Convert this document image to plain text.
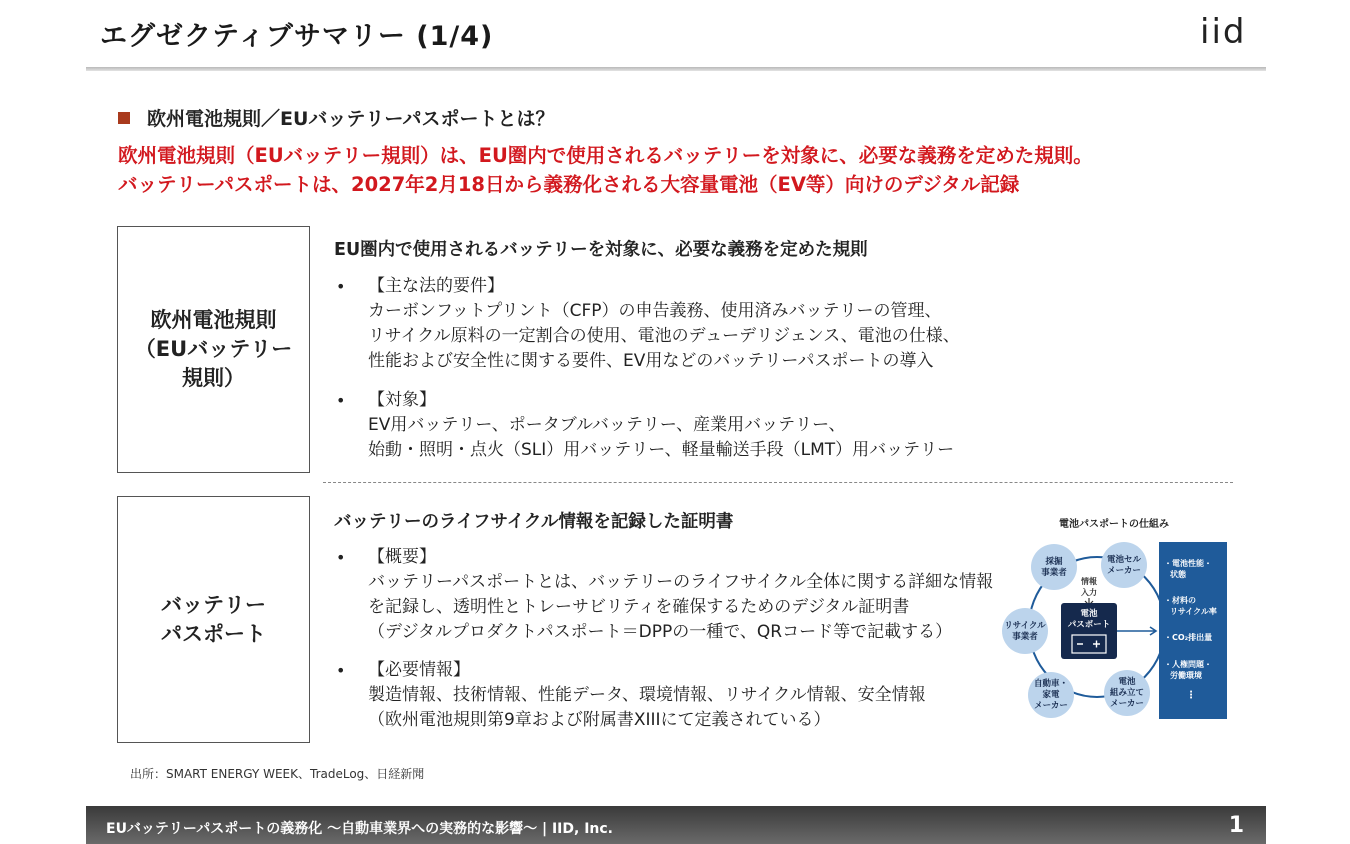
エグゼクティブサマリー (1/4)	iid
欧州電池規則／EUバッテリーパスポートとは？
欧州電池規則（EUバッテリー規則）は、EU圏内で使用されるバッテリーを対象に、必要な義務を定めた規則。
バッテリーパスポートは、2027年2月18日から義務化される大容量電池（EV等）向けのデジタル記録
欧州電池規則
（EUバッテリー
規則）
EU圏内で使用されるバッテリーを対象に、必要な義務を定めた規則
• 【主な法的要件】
カーボンフットプリント（CFP）の申告義務、使用済みバッテリーの管理、
リサイクル原料の一定割合の使用、電池のデューデリジェンス、電池の仕様、
性能および安全性に関する要件、EV用などのバッテリーパスポートの導入
• 【対象】
EV用バッテリー、ポータブルバッテリー、産業用バッテリー、
始動・照明・点火（SLI）用バッテリー、軽量輸送手段（LMT）用バッテリー
バッテリー
パスポート
バッテリーのライフサイクル情報を記録した証明書
• 【概要】
バッテリーパスポートとは、バッテリーのライフサイクル全体に関する詳細な情報
を記録し、透明性とトレーサビリティを確保するためのデジタル証明書
（デジタルプロダクトパスポート＝DPPの一種で、QRコード等で記載する）
• 【必要情報】
製造情報、技術情報、性能データ、環境情報、リサイクル情報、安全情報
（欧州電池規則第9章および附属書XIIIにて定義されている）
電池パスポートの仕組み
採掘
事業者
電池セル
メーカー
リサイクル
事業者
自動車・
家電
メーカー
電池
組み立て
メーカー
情報
入力
電池
パスポート
・電池性能・
状態
・材料の
リサイクル率
・CO₂排出量
・人権問題・
労働環境
⋮
出所：SMART ENERGY WEEK、TradeLog、日経新聞
EUバッテリーパスポートの義務化 ～自動車業界への実務的な影響～ | IID, Inc.	1
